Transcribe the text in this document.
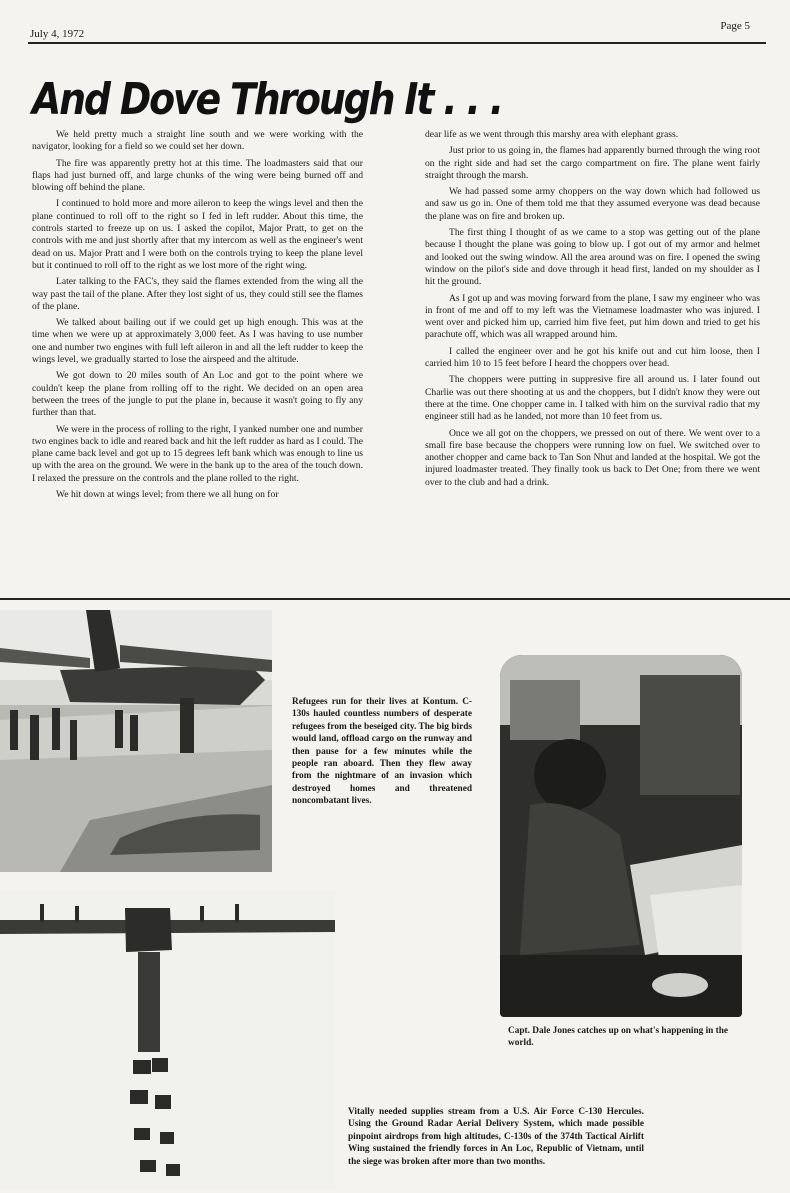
July 4, 1972
Page 5
And Dove Through It . . .

We held pretty much a straight line south and we were working with the navigator, looking for a field so we could set her down.

The fire was apparently pretty hot at this time. The loadmasters said that our flaps had just burned off, and large chunks of the wing were being burned off and blowing off behind the plane.

I continued to hold more and more aileron to keep the wings level and then the plane continued to roll off to the right so I fed in left rudder. About this time, the controls started to freeze up on us. I asked the copilot, Major Pratt, to get on the controls with me and just shortly after that my intercom as well as the engineer's went dead on us. Major Pratt and I were both on the controls trying to keep the plane level but it continued to roll off to the right as we lost more of the right wing.

Later talking to the FAC's, they said the flames extended from the wing all the way past the tail of the plane. After they lost sight of us, they could still see the flames of the plane.

We talked about bailing out if we could get up high enough. This was at the time when we were up at approximately 3,000 feet. As I was having to use number one and number two engines with full left aileron in and all the left rudder to keep the wings level, we gradually started to lose the airspeed and the altitude.

We got down to 20 miles south of An Loc and got to the point where we couldn't keep the plane from rolling off to the right. We decided on an open area between the trees of the jungle to put the plane in, because it wasn't going to fly any further than that.

We were in the process of rolling to the right, I yanked number one and number two engines back to idle and reared back and hit the left rudder as hard as I could. The plane came back level and got up to 15 degrees left bank which was enough to line us up with the area on the ground. We were in the bank up to the area of the touch down. I relaxed the pressure on the controls and the plane rolled to the right.

We hit down at wings level; from there we all hung on for

dear life as we went through this marshy area with elephant grass.

Just prior to us going in, the flames had apparently burned through the wing root on the right side and had set the cargo compartment on fire. The plane went fairly straight through the marsh.

We had passed some army choppers on the way down which had followed us and saw us go in. One of them told me that they assumed everyone was dead because the plane was on fire and broken up.

The first thing I thought of as we came to a stop was getting out of the plane because I thought the plane was going to blow up. I got out of my armor and helmet and looked out the swing window. All the area around was on fire. I opened the swing window on the pilot's side and dove through it head first, landed on my shoulder as I hit the ground.

As I got up and was moving forward from the plane, I saw my engineer who was in front of me and off to my left was the Vietnamese loadmaster who was injured. I went over and picked him up, carried him five feet, put him down and tried to get his parachute off, which was all wrapped around him.

I called the engineer over and he got his knife out and cut him loose, then I carried him 10 to 15 feet before I heard the choppers over head.

The choppers were putting in suppresive fire all around us. I later found out Charlie was out there shooting at us and the choppers, but I didn't know they were out there at the time. One chopper came in. I talked with him on the survival radio that my engineer still had as he landed, not more than 10 feet from us.

Once we all got on the choppers, we pressed on out of there. We went over to a small fire base because the choppers were running low on fuel. We switched over to another chopper and came back to Tan Son Nhut and landed at the hospital. We got the injured loadmaster treated. They finally took us back to Det One; from there we went over to the club and had a drink.

Refugees run for their lives at Kontum. C-130s hauled countless numbers of desperate refugees from the beseiged city. The big birds would land, offload cargo on the runway and then pause for a few minutes while the people ran aboard. Then they flew away from the nightmare of an invasion which destroyed homes and threatened noncombatant lives.
Capt. Dale Jones catches up on what's happening in the world.
Vitally needed supplies stream from a U.S. Air Force C-130 Hercules. Using the Ground Radar Aerial Delivery System, which made possible pinpoint airdrops from high altitudes, C-130s of the 374th Tactical Airlift Wing sustained the friendly forces in An Loc, Republic of Vietnam, until the siege was broken after more than two months.
